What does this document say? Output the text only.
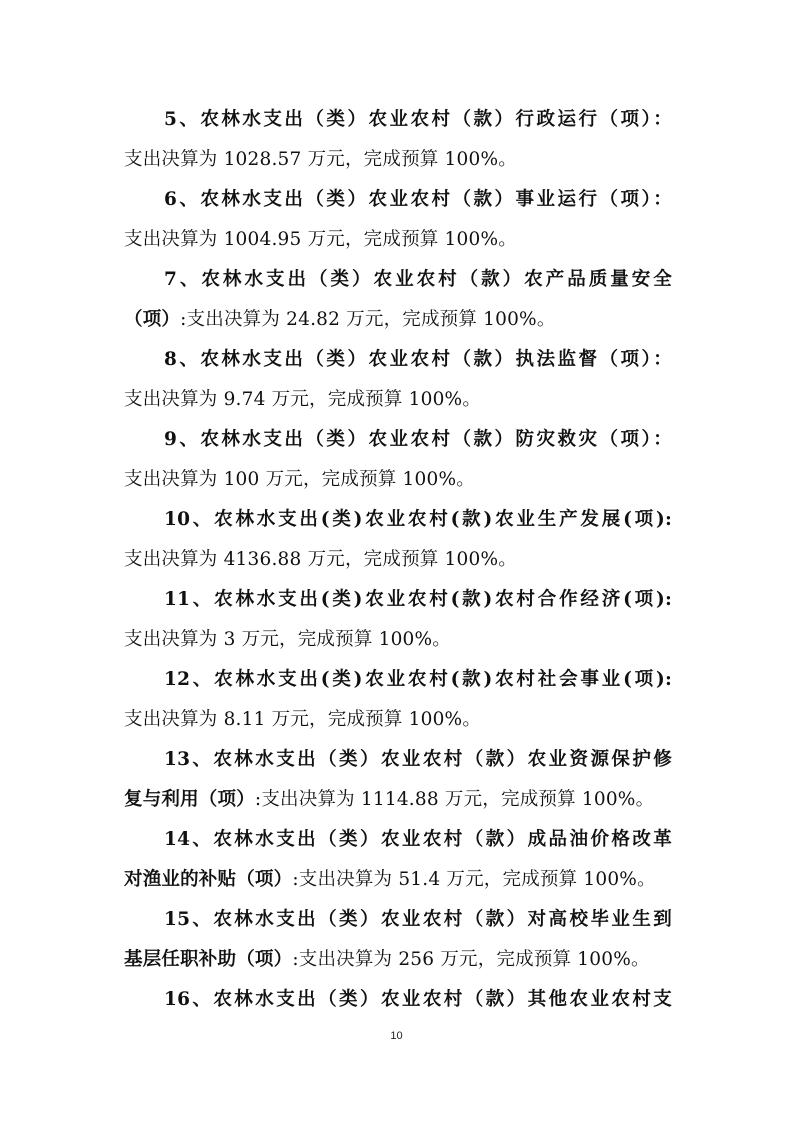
5、农林水支出（类）农业农村（款）行政运行（项）：
支出决算为 1028.57 万元，完成预算 100%。
6、农林水支出（类）农业农村（款）事业运行（项）：
支出决算为 1004.95 万元，完成预算 100%。
7、农林水支出（类）农业农村（款）农产品质量安全
（项）:支出决算为 24.82 万元，完成预算 100%。
8、农林水支出（类）农业农村（款）执法监督（项）：
支出决算为 9.74 万元，完成预算 100%。
9、农林水支出（类）农业农村（款）防灾救灾（项）：
支出决算为 100 万元，完成预算 100%。
10、农林水支出(类)农业农村(款)农业生产发展(项):
支出决算为 4136.88 万元，完成预算 100%。
11、农林水支出(类)农业农村(款)农村合作经济(项):
支出决算为 3 万元，完成预算 100%。
12、农林水支出(类)农业农村(款)农村社会事业(项):
支出决算为 8.11 万元，完成预算 100%。
13、农林水支出（类）农业农村（款）农业资源保护修
复与利用（项）:支出决算为 1114.88 万元，完成预算 100%。
14、农林水支出（类）农业农村（款）成品油价格改革
对渔业的补贴（项）:支出决算为 51.4 万元，完成预算 100%。
15、农林水支出（类）农业农村（款）对高校毕业生到
基层任职补助（项）:支出决算为 256 万元，完成预算 100%。
16、农林水支出（类）农业农村（款）其他农业农村支
10
